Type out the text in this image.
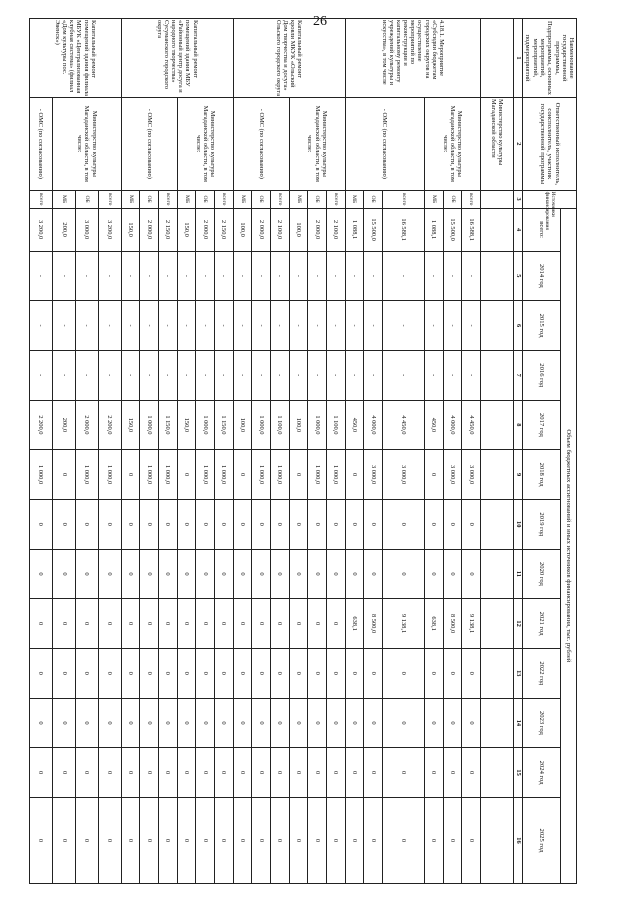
26
Наименование государственной программы, Подпрограммы, основных мероприятий, мероприятий, подмероприятий	Ответственный исполнитель, соисполнитель, участник государственной программы	Источники финансирования	Объем бюджетных ассигнований и иных источников финансирования, тыс. рублей												
			всего:	2014 год	2015 год	2016 год	2017 год	2018 год	2019 год	2020 год	2021 год	2022 год	2023 год	2024 год	2025 год
1	2	3	4	5	6	7	8	9	10	11	12	13	14	15	16
	Министерство культуры Магаданской области														
4.18.1. Мероприятие «Субсидии бюджетам городских округов на осуществление мероприятий по реконструкции и капитальному ремонту учреждений культуры и искусства», в том числе	Министерство культуры Магаданской области, в том числе:	всего	16 588,1	-	-	-	4 450,0	3 000,0	0	0	9 138,1	0	0	0	0
		ОБ	15 500,0	-	-	-	4 000,0	3 000,0	0	0	8 500,0	0	0	0	0
		МБ	1 088,1	-	-	-	450,0	0	0	0	638,1	0	0	0	0
	- ОМС (по согласованию)	всего	16 588,1	-	-	-	4 450,0	3 000,0	0	0	9 138,1	0	0	0	0
		ОБ	15 500,0	-	-	-	4 000,0	3 000,0	0	0	8 500,0	0	0	0	0
		МБ	1 088,1	-	-	-	450,0	0	0	0	638,1	0	0	0	0
Капитальный ремонт кровли МКУК «Ольский Дом творчества и досуга» Ольского городского округа	Министерство культуры Магаданской области, в том числе:	всего	2 100,0	-	-	-	1 100,0	1 000,0	0	0	0	0	0	0	0
		ОБ	2 000,0	-	-	-	1 000,0	1 000,0	0	0	0	0	0	0	0
		МБ	100,0	-	-	-	100,0	0	0	0	0	0	0	0	0
	- ОМС (по согласованию)	всего	2 100,0	-	-	-	1 100,0	1 000,0	0	0	0	0	0	0	0
		ОБ	2 000,0	-	-	-	1 000,0	1 000,0	0	0	0	0	0	0	0
		МБ	100,0	-	-	-	100,0	0	0	0	0	0	0	0	0
Капитальный ремонт помещений здания МБУ «Районный центр досуга и народного творчества» Сусуманского городского округа	Министерство культуры Магаданской области, в том числе:	всего	2 150,0	-	-	-	1 150,0	1 000,0	0	0	0	0	0	0	0
		ОБ	2 000,0	-	-	-	1 000,0	1 000,0	0	0	0	0	0	0	0
		МБ	150,0	-	-	-	150,0	0	0	0	0	0	0	0	0
	- ОМС (по согласованию)	всего	2 150,0	-	-	-	1 150,0	1 000,0	0	0	0	0	0	0	0
		ОБ	2 000,0	-	-	-	1 000,0	1 000,0	0	0	0	0	0	0	0
		МБ	150,0	-	-	-	150,0	0	0	0	0	0	0	0	0
Капитальный ремонт помещений здания филиала МБУК «Централизованная клубная система» (филиал «Дом культуры пос. Эвенск»)	Министерство культуры Магаданской области, в том числе:	всего	3 200,0	-	-	-	2 200,0	1 000,0	0	0	0	0	0	0	0
		ОБ	3 000,0	-	-	-	2 000,0	1 000,0	0	0	0	0	0	0	0
		МБ	200,0	-	-	-	200,0	0	0	0	0	0	0	0	0
	- ОМС (по согласованию)	всего	3 200,0	-	-	-	2 200,0	1 000,0	0	0	0	0	0	0	0
